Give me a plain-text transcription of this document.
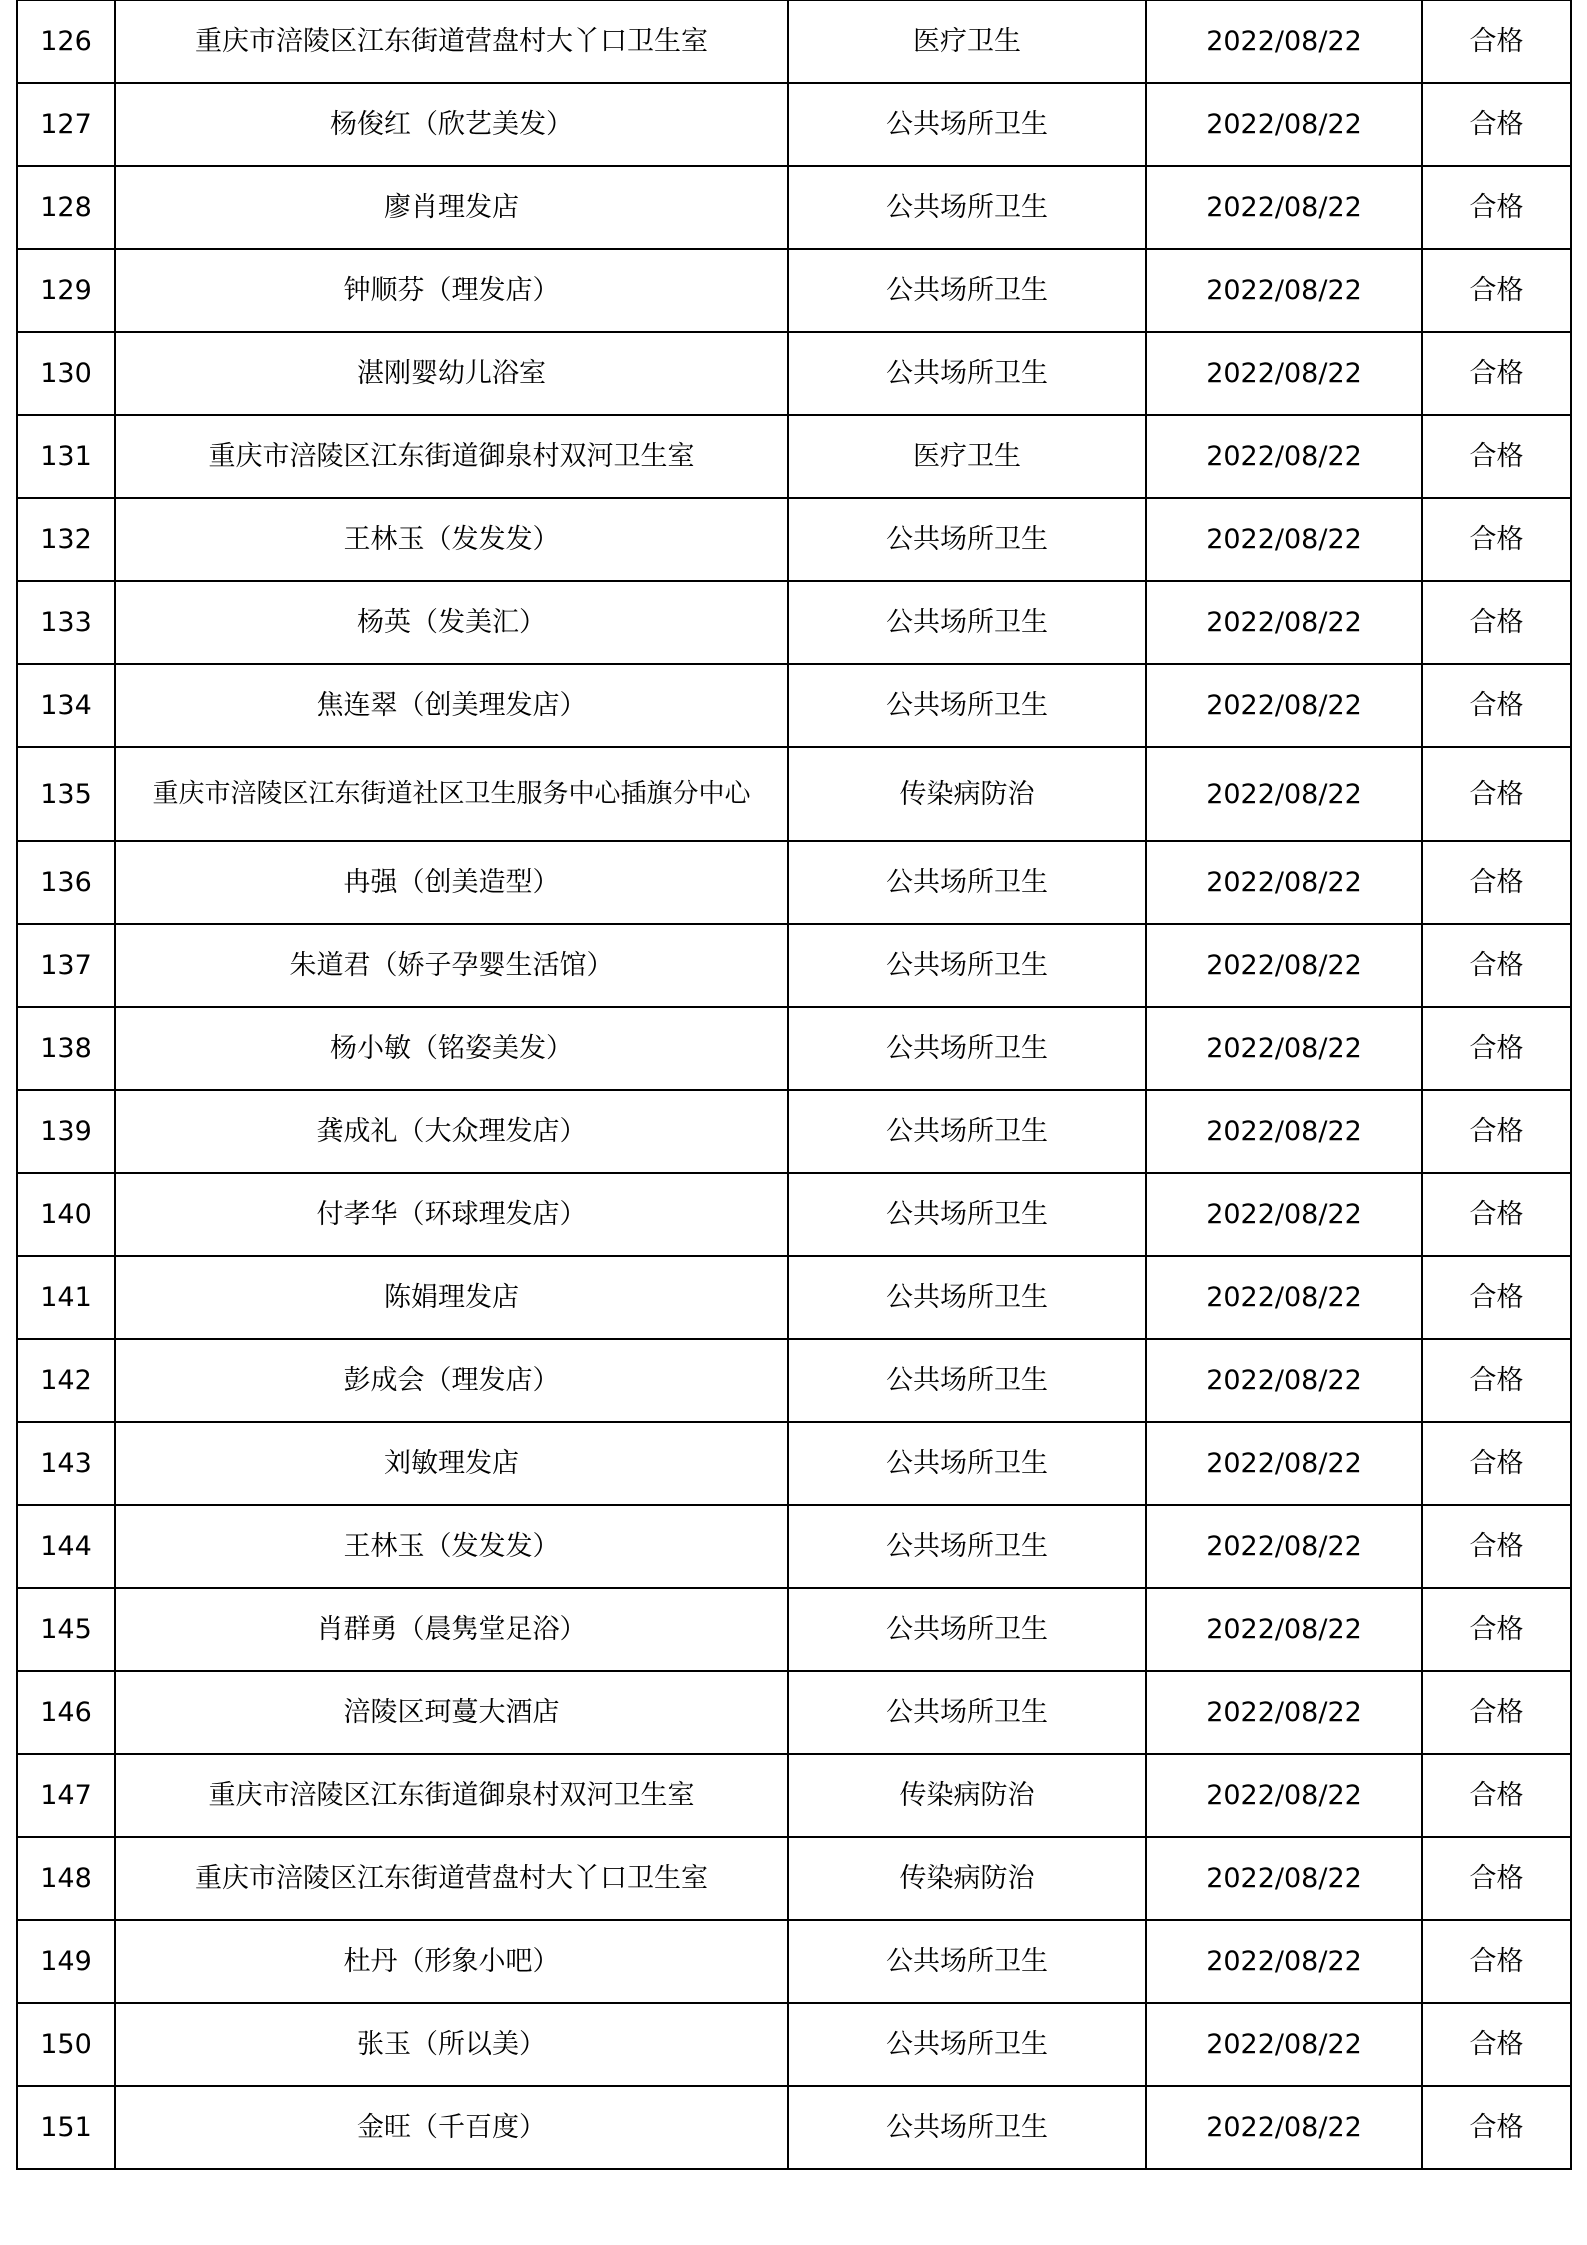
126	重庆市涪陵区江东街道营盘村大丫口卫生室	医疗卫生	2022/08/22	合格
127	杨俊红（欣艺美发）	公共场所卫生	2022/08/22	合格
128	廖肖理发店	公共场所卫生	2022/08/22	合格
129	钟顺芬（理发店）	公共场所卫生	2022/08/22	合格
130	湛刚婴幼儿浴室	公共场所卫生	2022/08/22	合格
131	重庆市涪陵区江东街道御泉村双河卫生室	医疗卫生	2022/08/22	合格
132	王林玉（发发发）	公共场所卫生	2022/08/22	合格
133	杨英（发美汇）	公共场所卫生	2022/08/22	合格
134	焦连翠（创美理发店）	公共场所卫生	2022/08/22	合格
135	重庆市涪陵区江东街道社区卫生服务中心插旗分中心	传染病防治	2022/08/22	合格
136	冉强（创美造型）	公共场所卫生	2022/08/22	合格
137	朱道君（娇子孕婴生活馆）	公共场所卫生	2022/08/22	合格
138	杨小敏（铭姿美发）	公共场所卫生	2022/08/22	合格
139	龚成礼（大众理发店）	公共场所卫生	2022/08/22	合格
140	付孝华（环球理发店）	公共场所卫生	2022/08/22	合格
141	陈娟理发店	公共场所卫生	2022/08/22	合格
142	彭成会（理发店）	公共场所卫生	2022/08/22	合格
143	刘敏理发店	公共场所卫生	2022/08/22	合格
144	王林玉（发发发）	公共场所卫生	2022/08/22	合格
145	肖群勇（晨隽堂足浴）	公共场所卫生	2022/08/22	合格
146	涪陵区珂蔓大酒店	公共场所卫生	2022/08/22	合格
147	重庆市涪陵区江东街道御泉村双河卫生室	传染病防治	2022/08/22	合格
148	重庆市涪陵区江东街道营盘村大丫口卫生室	传染病防治	2022/08/22	合格
149	杜丹（形象小吧）	公共场所卫生	2022/08/22	合格
150	张玉（所以美）	公共场所卫生	2022/08/22	合格
151	金旺（千百度）	公共场所卫生	2022/08/22	合格
